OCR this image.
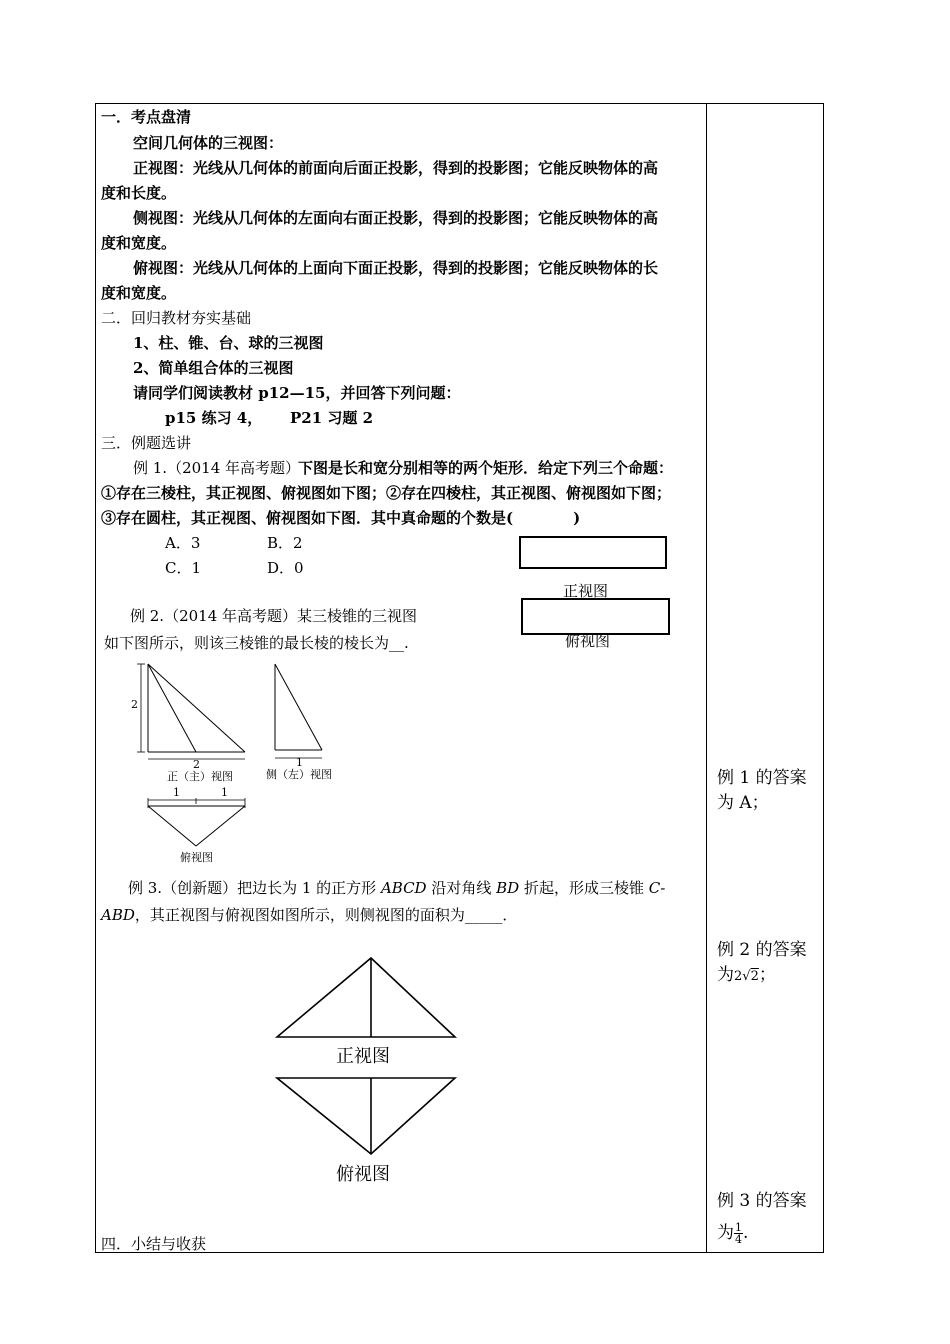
一．考点盘清
空间几何体的三视图：
正视图：光线从几何体的前面向后面正投影，得到的投影图；它能反映物体的高
度和长度。
侧视图：光线从几何体的左面向右面正投影，得到的投影图；它能反映物体的高
度和宽度。
俯视图：光线从几何体的上面向下面正投影，得到的投影图；它能反映物体的长
度和宽度。
二．回归教材夯实基础
1、柱、锥、台、球的三视图
2、简单组合体的三视图
请同学们阅读教材 p12—15，并回答下列问题：
p15 练习 4， P21 习题 2
三．例题选讲
例 1.（2014 年高考题）
下图是长和宽分别相等的两个矩形．给定下列三个命题：
①存在三棱柱，其正视图、俯视图如下图；②存在四棱柱，其正视图、俯视图如下图；
③存在圆柱，其正视图、俯视图如下图．其中真命题的个数是(　　　　)
A．3	B．2
C．1	D．0
正视图
俯视图
例 2.（2014 年高考题）某三棱锥的三视图
如下图所示，则该三棱锥的最长棱的棱长为__.
2
2
正（主）视图
1
侧（左）视图
1	1
俯视图
例 3.（创新题）把边长为 1 的正方形 ABCD 沿对角线 BD 折起，形成三棱锥 C-
ABD，其正视图与俯视图如图所示，则侧视图的面积为_____．
正视图
俯视图
四．小结与收获
例 1 的答案
为 A；
例 2 的答案
为2√2；
例 3 的答案
为 $\frac{1}{4}$ .
